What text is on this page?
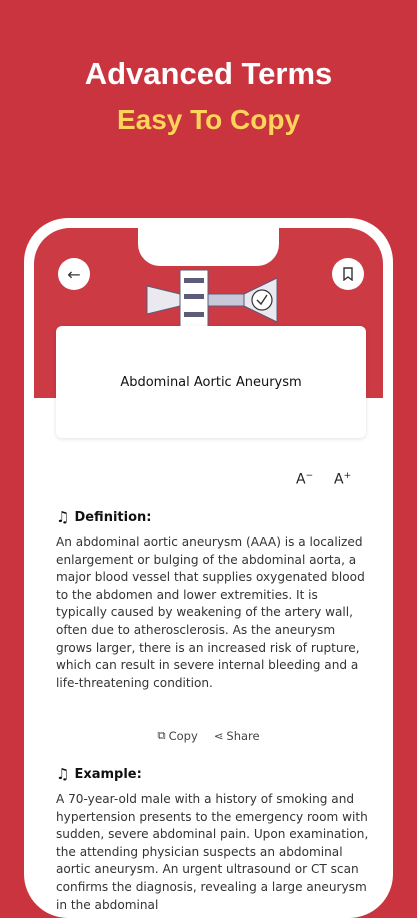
Advanced Terms
Easy To Copy
←
Abdominal Aortic Aneurysm
A− A+
♫ Definition:
An abdominal aortic aneurysm (AAA) is a localized enlargement or bulging of the abdominal aorta, a major blood vessel that supplies oxygenated blood to the abdomen and lower extremities. It is typically caused by weakening of the artery wall, often due to atherosclerosis. As the aneurysm grows larger, there is an increased risk of rupture, which can result in severe internal bleeding and a life-threatening condition.
⧉ Copy ⋖ Share
♫ Example:
A 70-year-old male with a history of smoking and hypertension presents to the emergency room with sudden, severe abdominal pain. Upon examination, the attending physician suspects an abdominal aortic aneurysm. An urgent ultrasound or CT scan confirms the diagnosis, revealing a large aneurysm in the abdominal
